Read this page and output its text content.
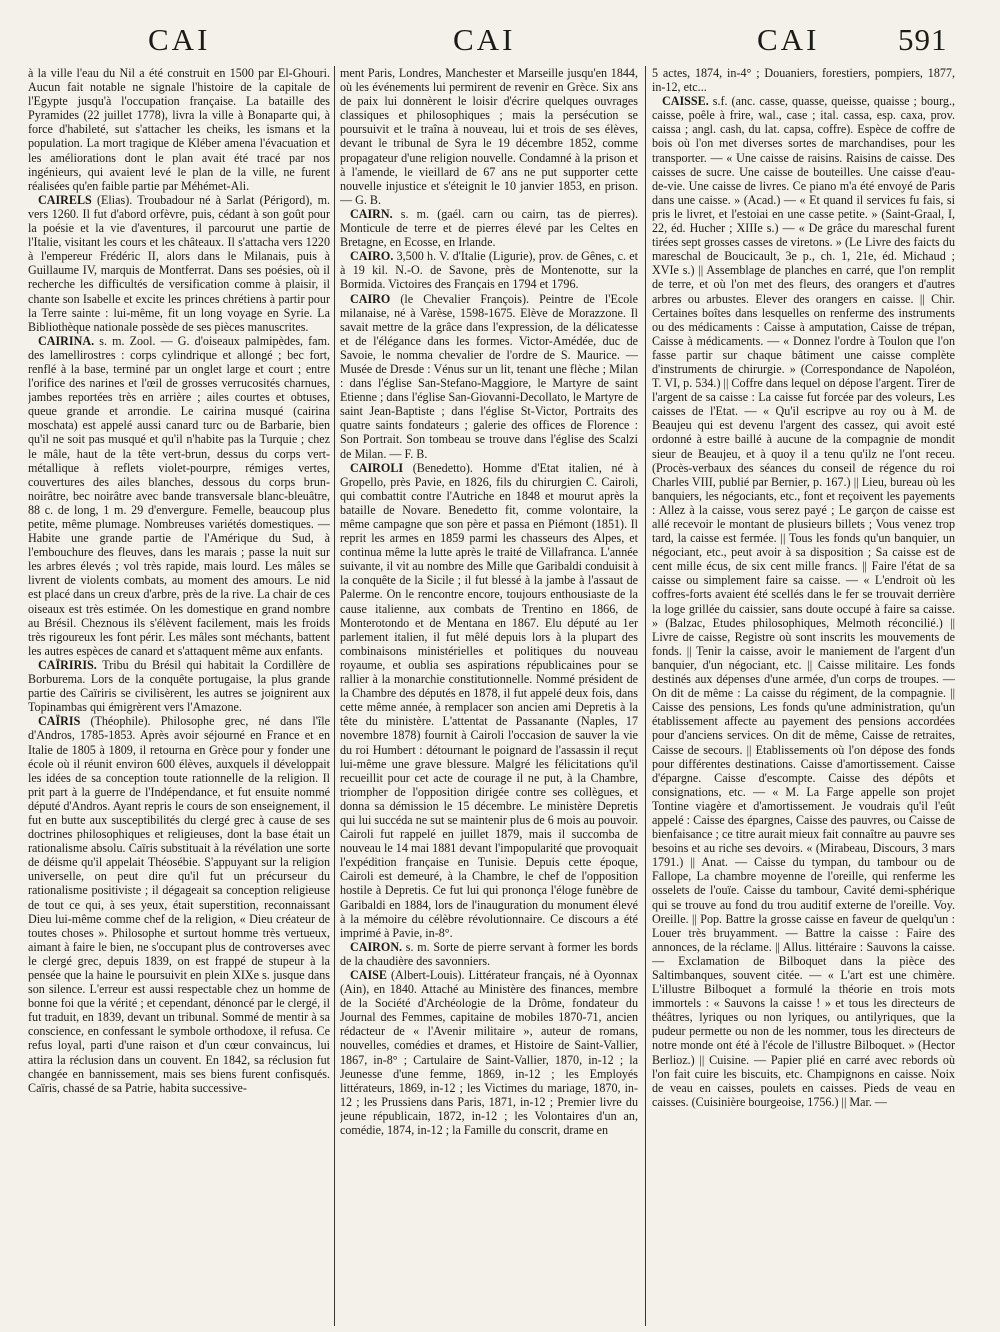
CAI	CAI	CAI	591

à la ville l'eau du Nil a été construit en 1500 par El-Ghouri. Aucun fait notable ne signale l'histoire de la capitale de l'Egypte jusqu'à l'occupation française. La bataille des Pyramides (22 juillet 1778), livra la ville à Bonaparte qui, à force d'habileté, sut s'attacher les cheiks, les ismans et la population. La mort tragique de Kléber amena l'évacuation et les améliorations dont le plan avait été tracé par nos ingénieurs, qui avaient levé le plan de la ville, ne furent réalisées qu'en faible partie par Méhémet-Ali.

CAIRELS (Elias). Troubadour né à Sarlat (Périgord), m. vers 1260. Il fut d'abord orfèvre, puis, cédant à son goût pour la poésie et la vie d'aventures, il parcourut une partie de l'Italie, visitant les cours et les châteaux. Il s'attacha vers 1220 à l'empereur Frédéric II, alors dans le Milanais, puis à Guillaume IV, marquis de Montferrat. Dans ses poésies, où il recherche les difficultés de versification comme à plaisir, il chante son Isabelle et excite les princes chrétiens à partir pour la Terre sainte : lui-même, fit un long voyage en Syrie. La Bibliothèque nationale possède de ses pièces manuscrites.

CAIRINA. s. m. Zool. — G. d'oiseaux palmipèdes, fam. des lamellirostres : corps cylindrique et allongé ; bec fort, renflé à la base, terminé par un onglet large et court ; entre l'orifice des narines et l'œil de grosses verrucosités charnues, jambes reportées très en arrière ; ailes courtes et obtuses, queue grande et arrondie. Le cairina musqué (cairina moschata) est appelé aussi canard turc ou de Barbarie, bien qu'il ne soit pas musqué et qu'il n'habite pas la Turquie ; chez le mâle, haut de la tête vert-brun, dessus du corps vert-métallique à reflets violet-pourpre, rémiges vertes, couvertures des ailes blanches, dessous du corps brun-noirâtre, bec noirâtre avec bande transversale blanc-bleuâtre, 88 c. de long, 1 m. 29 d'envergure. Femelle, beaucoup plus petite, même plumage. Nombreuses variétés domestiques. — Habite une grande partie de l'Amérique du Sud, à l'embouchure des fleuves, dans les marais ; passe la nuit sur les arbres élevés ; vol très rapide, mais lourd. Les mâles se livrent de violents combats, au moment des amours. Le nid est placé dans un creux d'arbre, près de la rive. La chair de ces oiseaux est très estimée. On les domestique en grand nombre au Brésil. Cheznous ils s'élèvent facilement, mais les froids très rigoureux les font périr. Les mâles sont méchants, battent les autres espèces de canard et s'attaquent même aux enfants.

CAÏRIRIS. Tribu du Brésil qui habitait la Cordillère de Borburema. Lors de la conquête portugaise, la plus grande partie des Caïriris se civilisèrent, les autres se joignirent aux Topinambas qui émigrèrent vers l'Amazone.

CAÏRIS (Théophile). Philosophe grec, né dans l'île d'Andros, 1785-1853. Après avoir séjourné en France et en Italie de 1805 à 1809, il retourna en Grèce pour y fonder une école où il réunit environ 600 élèves, auxquels il développait les idées de sa conception toute rationnelle de la religion. Il prit part à la guerre de l'Indépendance, et fut ensuite nommé député d'Andros. Ayant repris le cours de son enseignement, il fut en butte aux susceptibilités du clergé grec à cause de ses doctrines philosophiques et religieuses, dont la base était un rationalisme absolu. Caïris substituait à la révélation une sorte de déisme qu'il appelait Théosébie. S'appuyant sur la religion universelle, on peut dire qu'il fut un précurseur du rationalisme positiviste ; il dégageait sa conception religieuse de tout ce qui, à ses yeux, était superstition, reconnaissant Dieu lui-même comme chef de la religion, « Dieu créateur de toutes choses ». Philosophe et surtout homme très vertueux, aimant à faire le bien, ne s'occupant plus de controverses avec le clergé grec, depuis 1839, on est frappé de stupeur à la pensée que la haine le poursuivit en plein XIXe s. jusque dans son silence. L'erreur est aussi respectable chez un homme de bonne foi que la vérité ; et cependant, dénoncé par le clergé, il fut traduit, en 1839, devant un tribunal. Sommé de mentir à sa conscience, en confessant le symbole orthodoxe, il refusa. Ce refus loyal, parti d'une raison et d'un cœur convaincus, lui attira la réclusion dans un couvent. En 1842, sa réclusion fut changée en bannissement, mais ses biens furent confisqués. Caïris, chassé de sa Patrie, habita successive-

ment Paris, Londres, Manchester et Marseille jusqu'en 1844, où les événements lui permirent de revenir en Grèce. Six ans de paix lui donnèrent le loisir d'écrire quelques ouvrages classiques et philosophiques ; mais la persécution se poursuivit et le traîna à nouveau, lui et trois de ses élèves, devant le tribunal de Syra le 19 décembre 1852, comme propagateur d'une religion nouvelle. Condamné à la prison et à l'amende, le vieillard de 67 ans ne put supporter cette nouvelle injustice et s'éteignit le 10 janvier 1853, en prison. — G. B.

CAIRN. s. m. (gaél. carn ou cairn, tas de pierres). Monticule de terre et de pierres élevé par les Celtes en Bretagne, en Ecosse, en Irlande.

CAIRO. 3,500 h. V. d'Italie (Ligurie), prov. de Gênes, c. et à 19 kil. N.-O. de Savone, près de Montenotte, sur la Bormida. Victoires des Français en 1794 et 1796.

CAIRO (le Chevalier François). Peintre de l'Ecole milanaise, né à Varèse, 1598-1675. Elève de Morazzone. Il savait mettre de la grâce dans l'expression, de la délicatesse et de l'élégance dans les formes. Victor-Amédée, duc de Savoie, le nomma chevalier de l'ordre de S. Maurice. — Musée de Dresde : Vénus sur un lit, tenant une flèche ; Milan : dans l'église San-Stefano-Maggiore, le Martyre de saint Etienne ; dans l'église San-Giovanni-Decollato, le Martyre de saint Jean-Baptiste ; dans l'église St-Victor, Portraits des quatre saints fondateurs ; galerie des offices de Florence : Son Portrait. Son tombeau se trouve dans l'église des Scalzi de Milan. — F. B.

CAIROLI (Benedetto). Homme d'Etat italien, né à Gropello, près Pavie, en 1826, fils du chirurgien C. Cairoli, qui combattit contre l'Autriche en 1848 et mourut après la bataille de Novare. Benedetto fit, comme volontaire, la même campagne que son père et passa en Piémont (1851). Il reprit les armes en 1859 parmi les chasseurs des Alpes, et continua même la lutte après le traité de Villafranca. L'année suivante, il vit au nombre des Mille que Garibaldi conduisit à la conquête de la Sicile ; il fut blessé à la jambe à l'assaut de Palerme. On le rencontre encore, toujours enthousiaste de la cause italienne, aux combats de Trentino en 1866, de Monterotondo et de Mentana en 1867. Elu député au 1er parlement italien, il fut mêlé depuis lors à la plupart des combinaisons ministérielles et politiques du nouveau royaume, et oublia ses aspirations républicaines pour se rallier à la monarchie constitutionnelle. Nommé président de la Chambre des députés en 1878, il fut appelé deux fois, dans cette même année, à remplacer son ancien ami Depretis à la tête du ministère. L'attentat de Passanante (Naples, 17 novembre 1878) fournit à Cairoli l'occasion de sauver la vie du roi Humbert : détournant le poignard de l'assassin il reçut lui-même une grave blessure. Malgré les félicitations qu'il recueillit pour cet acte de courage il ne put, à la Chambre, triompher de l'opposition dirigée contre ses collègues, et donna sa démission le 15 décembre. Le ministère Depretis qui lui succéda ne sut se maintenir plus de 6 mois au pouvoir. Cairoli fut rappelé en juillet 1879, mais il succomba de nouveau le 14 mai 1881 devant l'impopularité que provoquait l'expédition française en Tunisie. Depuis cette époque, Cairoli est demeuré, à la Chambre, le chef de l'opposition hostile à Depretis. Ce fut lui qui prononça l'éloge funèbre de Garibaldi en 1884, lors de l'inauguration du monument élevé à la mémoire du célèbre révolutionnaire. Ce discours a été imprimé à Pavie, in-8°.

CAIRON. s. m. Sorte de pierre servant à former les bords de la chaudière des savonniers.

CAISE (Albert-Louis). Littérateur français, né à Oyonnax (Ain), en 1840. Attaché au Ministère des finances, membre de la Société d'Archéologie de la Drôme, fondateur du Journal des Femmes, capitaine de mobiles 1870-71, ancien rédacteur de « l'Avenir militaire », auteur de romans, nouvelles, comédies et drames, et Histoire de Saint-Vallier, 1867, in-8° ; Cartulaire de Saint-Vallier, 1870, in-12 ; la Jeunesse d'une femme, 1869, in-12 ; les Employés littérateurs, 1869, in-12 ; les Victimes du mariage, 1870, in-12 ; les Prussiens dans Paris, 1871, in-12 ; Premier livre du jeune républicain, 1872, in-12 ; les Volontaires d'un an, comédie, 1874, in-12 ; la Famille du conscrit, drame en

5 actes, 1874, in-4° ; Douaniers, forestiers, pompiers, 1877, in-12, etc...

CAISSE. s.f. (anc. casse, quasse, queisse, quaisse ; bourg., caisse, poêle à frire, wal., case ; ital. cassa, esp. caxa, prov. caissa ; angl. cash, du lat. capsa, coffre). Espèce de coffre de bois où l'on met diverses sortes de marchandises, pour les transporter. — « Une caisse de raisins. Raisins de caisse. Des caisses de sucre. Une caisse de bouteilles. Une caisse d'eau-de-vie. Une caisse de livres. Ce piano m'a été envoyé de Paris dans une caisse. » (Acad.) — « Et quand il services fu fais, si pris le livret, et l'estoiai en une casse petite. » (Saint-Graal, I, 22, éd. Hucher ; XIIIe s.) — « De grâce du mareschal furent tirées sept grosses casses de viretons. » (Le Livre des faicts du mareschal de Boucicault, 3e p., ch. 1, 21e, éd. Michaud ; XVIe s.) || Assemblage de planches en carré, que l'on remplit de terre, et où l'on met des fleurs, des orangers et d'autres arbres ou arbustes. Elever des orangers en caisse. || Chir. Certaines boîtes dans lesquelles on renferme des instruments ou des médicaments : Caisse à amputation, Caisse de trépan, Caisse à médicaments. — « Donnez l'ordre à Toulon que l'on fasse partir sur chaque bâtiment une caisse complète d'instruments de chirurgie. » (Correspondance de Napoléon, T. VI, p. 534.) || Coffre dans lequel on dépose l'argent. Tirer de l'argent de sa caisse : La caisse fut forcée par des voleurs, Les caisses de l'Etat. — « Qu'il escripve au roy ou à M. de Beaujeu qui est devenu l'argent des cassez, qui avoit esté ordonné à estre baillé à aucune de la compagnie de mondit sieur de Beaujeu, et à quoy il a tenu qu'ilz ne l'ont receu. (Procès-verbaux des séances du conseil de régence du roi Charles VIII, publié par Bernier, p. 167.) || Lieu, bureau où les banquiers, les négociants, etc., font et reçoivent les payements : Allez à la caisse, vous serez payé ; Le garçon de caisse est allé recevoir le montant de plusieurs billets ; Vous venez trop tard, la caisse est fermée. || Tous les fonds qu'un banquier, un négociant, etc., peut avoir à sa disposition ; Sa caisse est de cent mille écus, de six cent mille francs. || Faire l'état de sa caisse ou simplement faire sa caisse. — « L'endroit où les coffres-forts avaient été scellés dans le fer se trouvait derrière la loge grillée du caissier, sans doute occupé à faire sa caisse. » (Balzac, Etudes philosophiques, Melmoth réconcilié.) || Livre de caisse, Registre où sont inscrits les mouvements de fonds. || Tenir la caisse, avoir le maniement de l'argent d'un banquier, d'un négociant, etc. || Caisse militaire. Les fonds destinés aux dépenses d'une armée, d'un corps de troupes. — On dit de même : La caisse du régiment, de la compagnie. || Caisse des pensions, Les fonds qu'une administration, qu'un établissement affecte au payement des pensions accordées pour d'anciens services. On dit de même, Caisse de retraites, Caisse de secours. || Etablissements où l'on dépose des fonds pour différentes destinations. Caisse d'amortissement. Caisse d'épargne. Caisse d'escompte. Caisse des dépôts et consignations, etc. — « M. La Farge appelle son projet Tontine viagère et d'amortissement. Je voudrais qu'il l'eût appelé : Caisse des épargnes, Caisse des pauvres, ou Caisse de bienfaisance ; ce titre aurait mieux fait connaître au pauvre ses besoins et au riche ses devoirs. « (Mirabeau, Discours, 3 mars 1791.) || Anat. — Caisse du tympan, du tambour ou de Fallope, La chambre moyenne de l'oreille, qui renferme les osselets de l'ouïe. Caisse du tambour, Cavité demi-sphérique qui se trouve au fond du trou auditif externe de l'oreille. Voy. Oreille. || Pop. Battre la grosse caisse en faveur de quelqu'un : Louer très bruyamment. — Battre la caisse : Faire des annonces, de la réclame. || Allus. littéraire : Sauvons la caisse. — Exclamation de Bilboquet dans la pièce des Saltimbanques, souvent citée. — « L'art est une chimère. L'illustre Bilboquet a formulé la théorie en trois mots immortels : « Sauvons la caisse ! » et tous les directeurs de théâtres, lyriques ou non lyriques, ou antilyriques, que la pudeur permette ou non de les nommer, tous les directeurs de notre monde ont été à l'école de l'illustre Bilboquet. » (Hector Berlioz.) || Cuisine. — Papier plié en carré avec rebords où l'on fait cuire les biscuits, etc. Champignons en caisse. Noix de veau en caisses, poulets en caisses. Pieds de veau en caisses. (Cuisinière bourgeoise, 1756.) || Mar. —
